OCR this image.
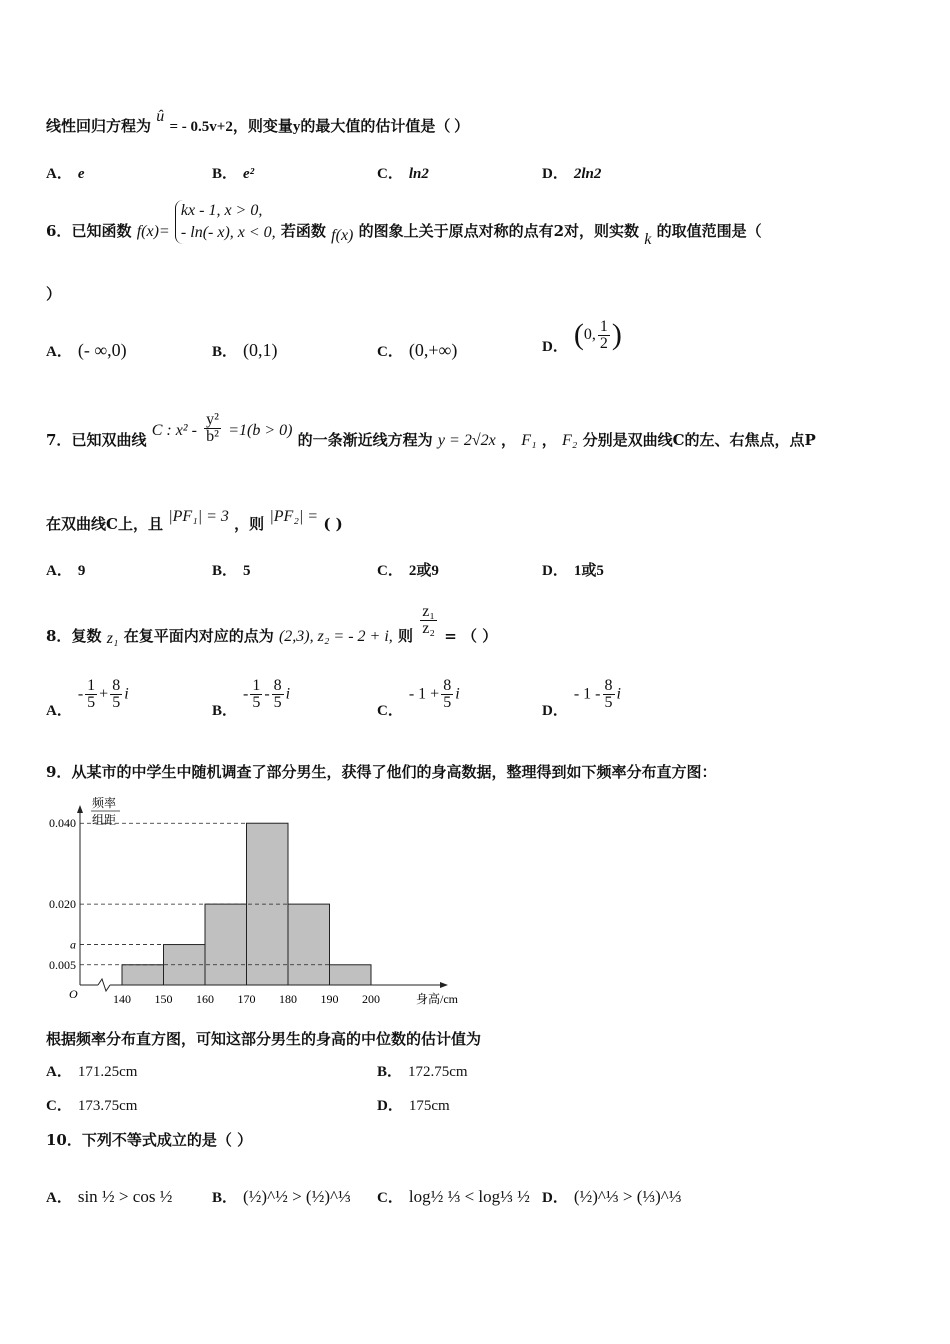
线性回归方程为 û = - 0.5v+2，则变量y的最大值的估计值是（ ）
A． e	B． e²	C． ln2	D． 2ln2
6．已知函数 f(x)=
kx - 1, x > 0,
- ln(- x), x < 0, 若函数 f(x) 的图象上关于原点对称的点有2对，则实数 k 的取值范围是（
）
A． (- ∞,0)	B． (0,1)	C． (0,+∞)	D． (0, $\frac{1}{2}$ )
7．已知双曲线 C : $x^2 - \frac{\text{y²}}{\text{b²}} =1(b > 0)$ 的一条渐近线方程为 y = 2√2x ， F₁ ， F₂ 分别是双曲线C的左、右焦点，点P
在双曲线C上，且 |PF₁| = 3 ，则 |PF₂| = ( )
A． 9	B． 5	C． 2或9	D． 1或5
8．复数 z₁ 在复平面内对应的点为 (2,3), z₂ = - 2 + i, 则 $\frac{\text{z₁}}{\text{z₂}}$ = （ ）
A．- $\frac{1}{5} + \frac{8}{5}$ i
B．- $\frac{1}{5} - \frac{8}{5}$ i
C．- $1 + \frac{8}{5}$ i
D．- $1 - \frac{8}{5}$ i
9．从某市的中学生中随机调查了部分男生，获得了他们的身高数据，整理得到如下频率分布直方图：
频率
组距
身高/cm
O
0.005
a
0.020
0.040
140 150 160 170 180 190 200
根据频率分布直方图，可知这部分男生的身高的中位数的估计值为
A． 171.25cm	B． 172.75cm
C． 173.75cm	D． 175cm
10．下列不等式成立的是（ ）
A． sin ½ > cos ½	B． (½)^½ > (½)^⅓ C． log½ ⅓ < log⅓ ½ D． (½)^⅓ > (⅓)^⅓
